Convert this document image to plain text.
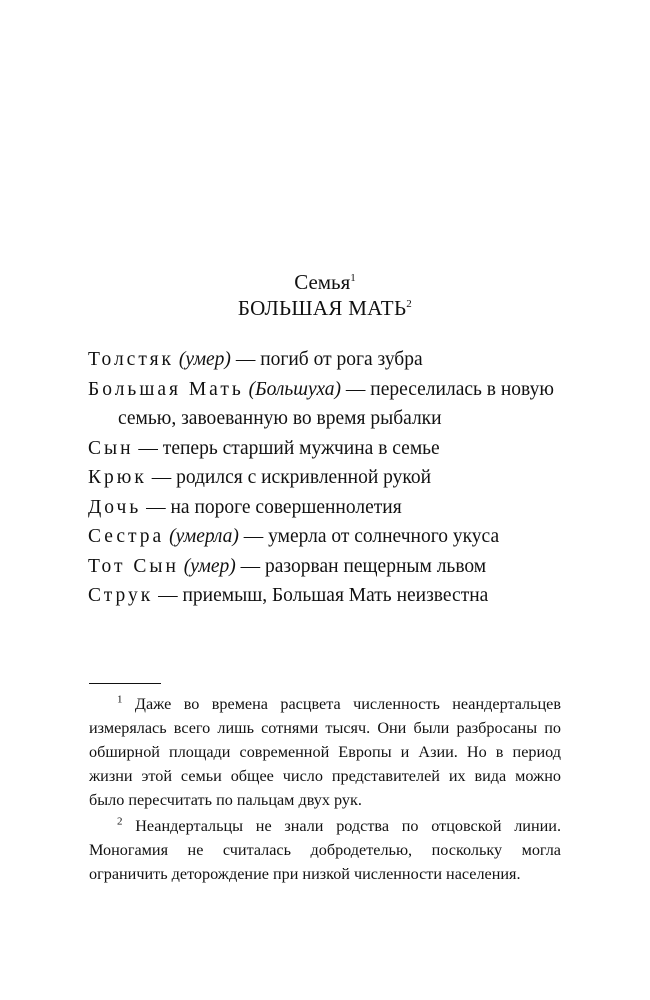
Семья$^1$
БОЛЬШАЯ МАТЬ$^2$
Толстяк (умер) — погиб от рога зубра
Большая Мать (Большуха) — переселилась в новую семью, завоеванную во время рыбалки
Сын — теперь старший мужчина в семье
Крюк — родился с искривленной рукой
Дочь — на пороге совершеннолетия
Сестра (умерла) — умерла от солнечного укуса
Тот Сын (умер) — разорван пещерным львом
Струк — приемыш, Большая Мать неизвестна

$^1$ Даже во времена расцвета численность неандертальцев измерялась всего лишь сотнями тысяч. Они были разбросаны по обширной площади современной Европы и Азии. Но в период жизни этой семьи общее число представителей их вида можно было пересчитать по пальцам двух рук.

$^2$ Неандертальцы не знали родства по отцовской линии. Моногамия не считалась добродетелью, поскольку могла ограничить деторождение при низкой численности населения.
